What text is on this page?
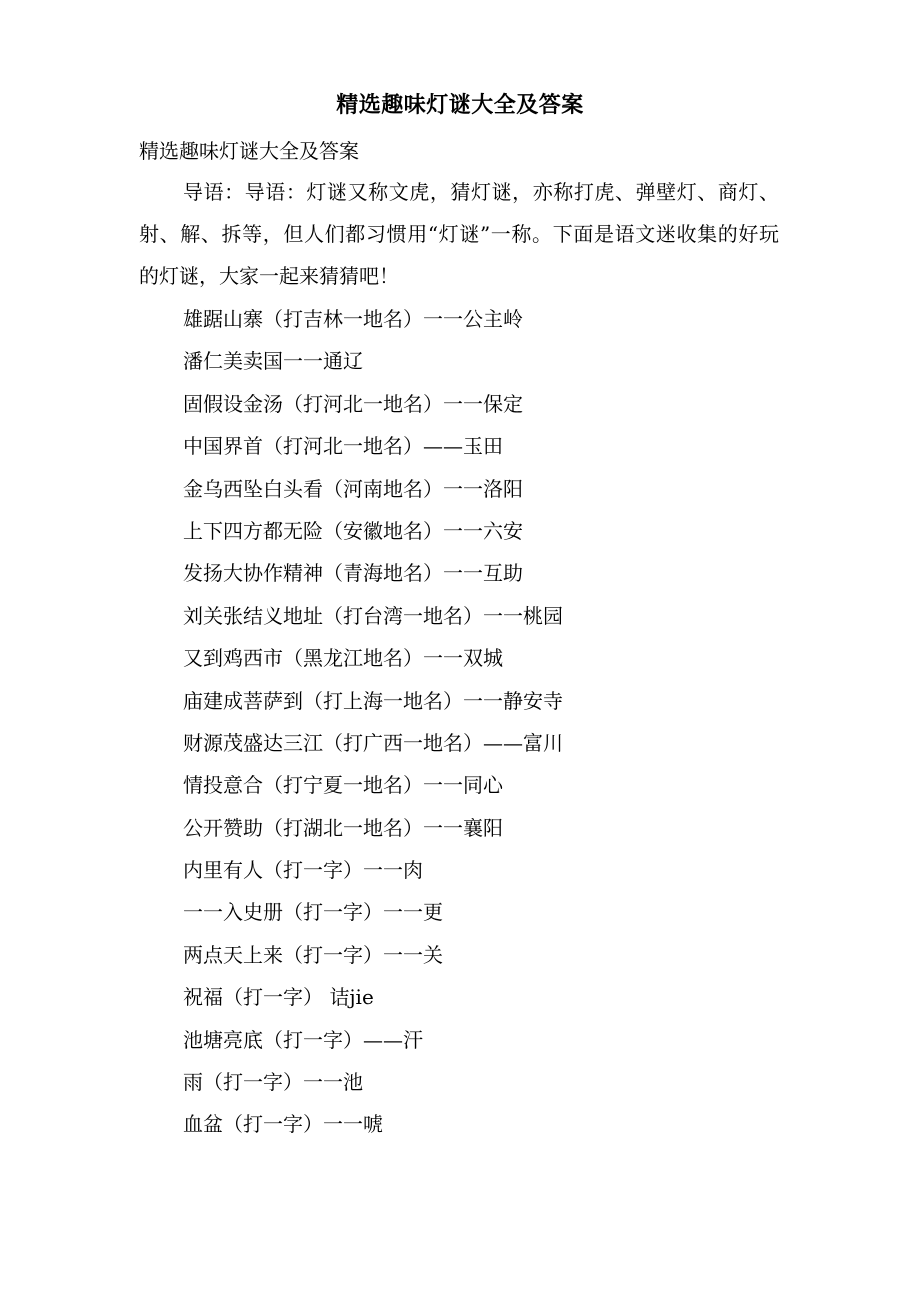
精选趣味灯谜大全及答案
精选趣味灯谜大全及答案

导语：导语：灯谜又称文虎，猜灯谜，亦称打虎、弹壁灯、商灯、射、解、拆等，但人们都习惯用“灯谜”一称。下面是语文迷收集的好玩的灯谜，大家一起来猜猜吧！

雄踞山寨（打吉林一地名）一一公主岭
潘仁美卖国一一通辽
固假设金汤（打河北一地名）一一保定
中国界首（打河北一地名）——玉田
金乌西坠白头看（河南地名）一一洛阳
上下四方都无险（安徽地名）一一六安
发扬大协作精神（青海地名）一一互助
刘关张结义地址（打台湾一地名）一一桃园
又到鸡西市（黑龙江地名）一一双城
庙建成菩萨到（打上海一地名）一一静安寺
财源茂盛达三江（打广西一地名）——富川
情投意合（打宁夏一地名）一一同心
公开赞助（打湖北一地名）一一襄阳
内里有人（打一字）一一肉
一一入史册（打一字）一一更
两点天上来（打一字）一一关
祝福（打一字） 诘jie
池塘亮底（打一字）——汗
雨（打一字）一一池
血盆（打一字）一一唬
